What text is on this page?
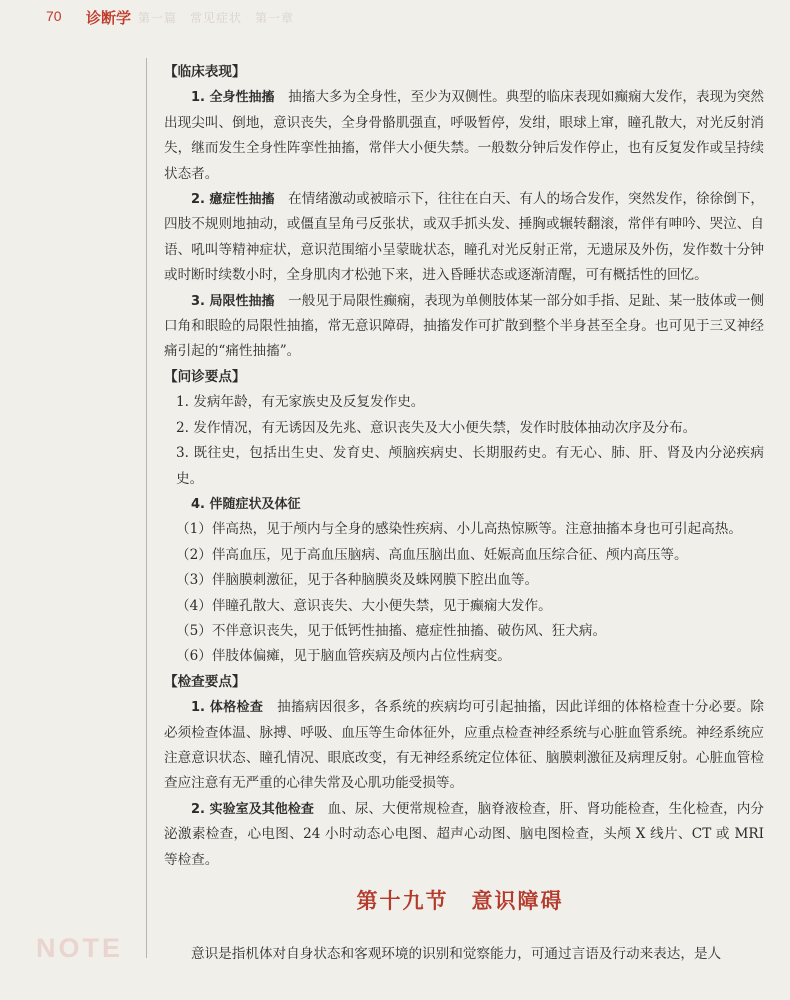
70 诊断学 第一篇　常见症状　第一章

【临床表现】

1. 全身性抽搐　 抽搐大多为全身性，至少为双侧性。典型的临床表现如癫痫大发作，表现为突然出现尖叫、倒地，意识丧失，全身骨骼肌强直，呼吸暂停，发绀，眼球上窜，瞳孔散大，对光反射消失，继而发生全身性阵挛性抽搐，常伴大小便失禁。一般数分钟后发作停止，也有反复发作或呈持续状态者。

2. 癔症性抽搐　 在情绪激动或被暗示下，往往在白天、有人的场合发作，突然发作，徐徐倒下，四肢不规则地抽动，或僵直呈角弓反张状，或双手抓头发、捶胸或辗转翻滚，常伴有呻吟、哭泣、自语、吼叫等精神症状，意识范围缩小呈蒙眬状态，瞳孔对光反射正常，无遗尿及外伤，发作数十分钟或时断时续数小时，全身肌肉才松弛下来，进入昏睡状态或逐渐清醒，可有概括性的回忆。

3. 局限性抽搐　 一般见于局限性癫痫，表现为单侧肢体某一部分如手指、足趾、某一肢体或一侧口角和眼睑的局限性抽搐，常无意识障碍，抽搐发作可扩散到整个半身甚至全身。也可见于三叉神经痛引起的“痛性抽搐”。

【问诊要点】

1. 发病年龄，有无家族史及反复发作史。

2. 发作情况，有无诱因及先兆、意识丧失及大小便失禁，发作时肢体抽动次序及分布。

3. 既往史，包括出生史、发育史、颅脑疾病史、长期服药史。有无心、肺、肝、肾及内分泌疾病史。

4. 伴随症状及体征

（1）伴高热，见于颅内与全身的感染性疾病、小儿高热惊厥等。注意抽搐本身也可引起高热。

（2）伴高血压，见于高血压脑病、高血压脑出血、妊娠高血压综合征、颅内高压等。

（3）伴脑膜刺激征，见于各种脑膜炎及蛛网膜下腔出血等。

（4）伴瞳孔散大、意识丧失、大小便失禁，见于癫痫大发作。

（5）不伴意识丧失，见于低钙性抽搐、癔症性抽搐、破伤风、狂犬病。

（6）伴肢体偏瘫，见于脑血管疾病及颅内占位性病变。

【检查要点】

1. 体格检查　 抽搐病因很多，各系统的疾病均可引起抽搐，因此详细的体格检查十分必要。除必须检查体温、脉搏、呼吸、血压等生命体征外，应重点检查神经系统与心脏血管系统。神经系统应注意意识状态、瞳孔情况、眼底改变，有无神经系统定位体征、脑膜刺激征及病理反射。心脏血管检查应注意有无严重的心律失常及心肌功能受损等。

2. 实验室及其他检查　 血、尿、大便常规检查，脑脊液检查，肝、肾功能检查，生化检查，内分泌激素检查，心电图、24 小时动态心电图、超声心动图、脑电图检查，头颅 X 线片、CT 或 MRI 等检查。

第十九节　意识障碍
NOTE	意识是指机体对自身状态和客观环境的识别和觉察能力，可通过言语及行动来表达，是人
